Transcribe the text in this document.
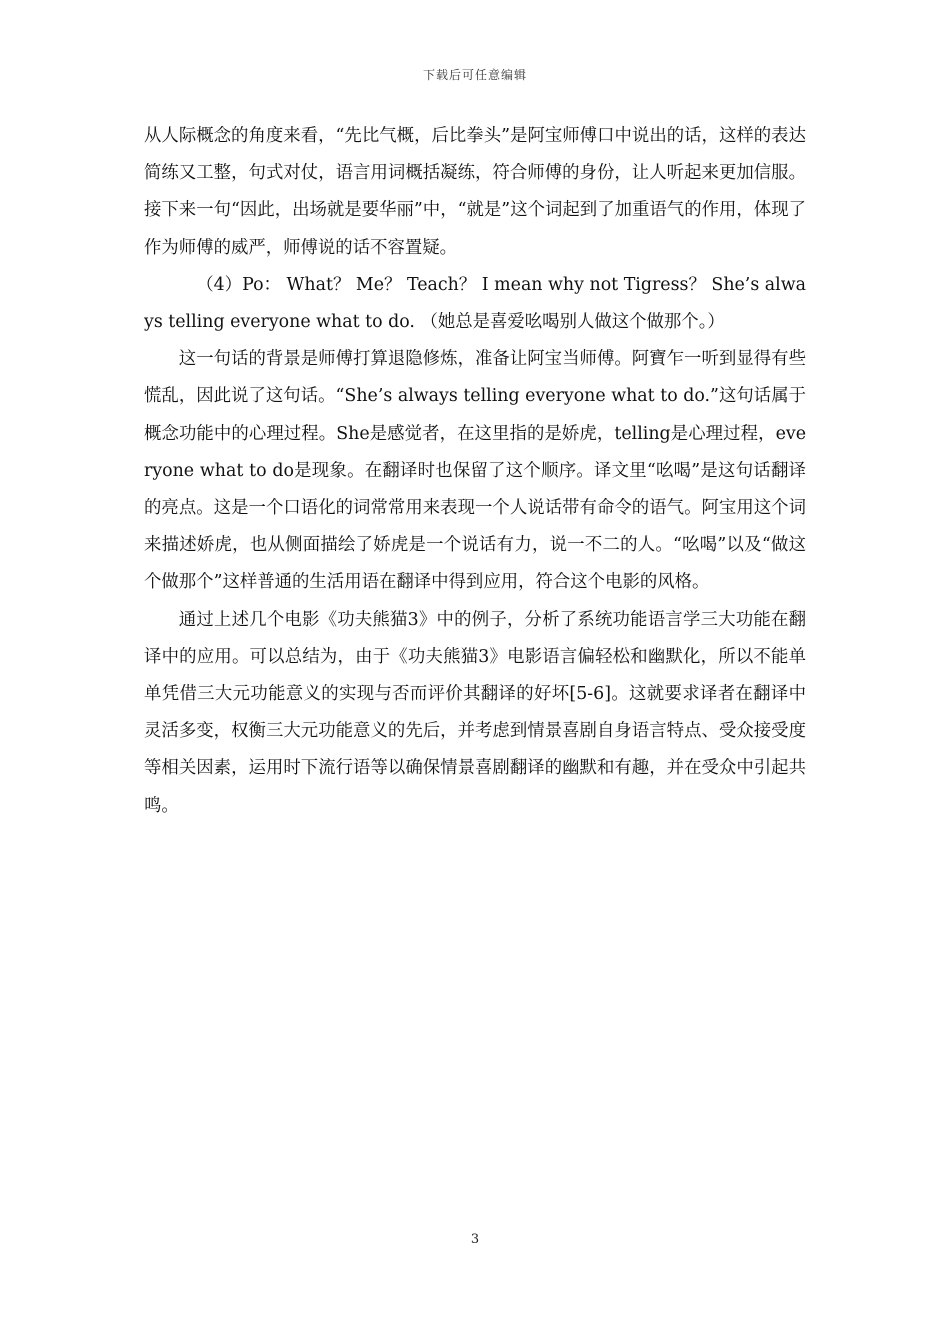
下载后可任意编辑

从人际概念的角度来看，“先比气概，后比拳头”是阿宝师傅口中说出的话，这样的表达简练又工整，句式对仗，语言用词概括凝练，符合师傅的身份，让人听起来更加信服。接下来一句“因此，出场就是要华丽”中，“就是”这个词起到了加重语气的作用，体现了作为师傅的威严，师傅说的话不容置疑。

（4）Po： What？ Me？ Teach？ I mean why not Tigress？ She’s always telling everyone what to do. （她总是喜爱吆喝别人做这个做那个。）

这一句话的背景是师傅打算退隐修炼，准备让阿宝当师傅。阿寶乍一听到显得有些慌乱，因此说了这句话。“She’s always telling everyone what to do.”这句话属于概念功能中的心理过程。She是感觉者，在这里指的是娇虎，telling是心理过程，everyone what to do是现象。在翻译时也保留了这个顺序。译文里“吆喝”是这句话翻译的亮点。这是一个口语化的词常常用来表现一个人说话带有命令的语气。阿宝用这个词来描述娇虎，也从侧面描绘了娇虎是一个说话有力，说一不二的人。“吆喝”以及“做这个做那个”这样普通的生活用语在翻译中得到应用，符合这个电影的风格。

通过上述几个电影《功夫熊猫3》中的例子，分析了系统功能语言学三大功能在翻译中的应用。可以总结为，由于《功夫熊猫3》电影语言偏轻松和幽默化，所以不能单单凭借三大元功能意义的实现与否而评价其翻译的好坏[5-6]。这就要求译者在翻译中灵活多变，权衡三大元功能意义的先后，并考虑到情景喜剧自身语言特点、受众接受度等相关因素，运用时下流行语等以确保情景喜剧翻译的幽默和有趣，并在受众中引起共鸣。

3
